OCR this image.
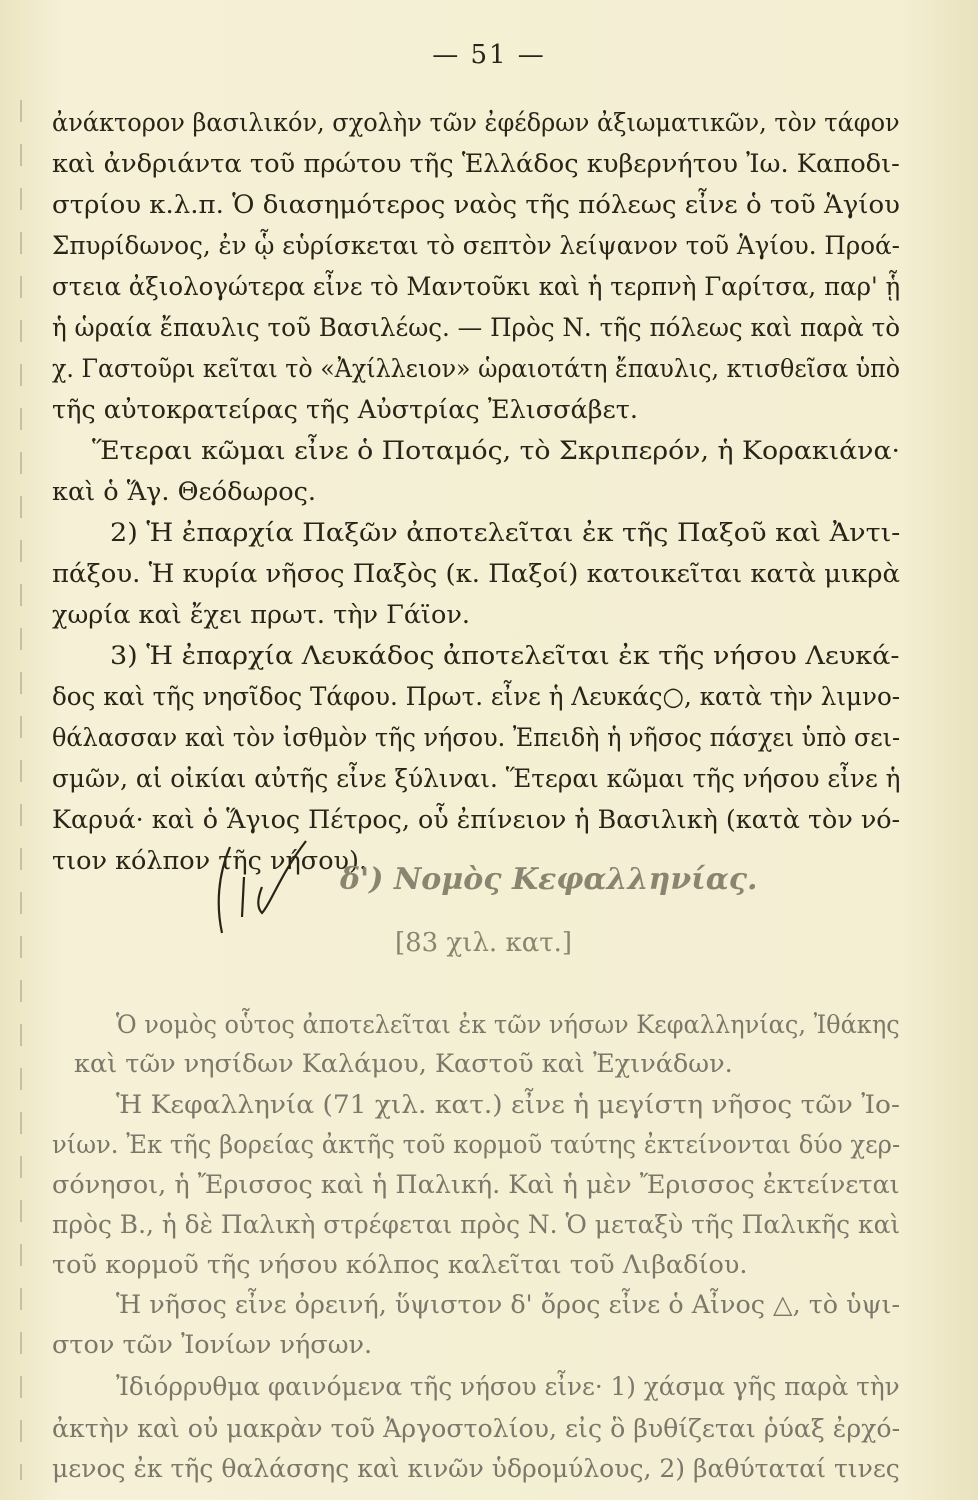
— 51 —
ἀνάκτορον βασιλικόν, σχολὴν τῶν ἐφέδρων ἀξιωματικῶν, τὸν τάφον
καὶ ἀνδριάντα τοῦ πρώτου τῆς Ἑλλάδος κυβερνήτου Ἰω. Καποδι-
στρίου κ.λ.π. Ὁ διασημότερος ναὸς τῆς πόλεως εἶνε ὁ τοῦ Ἁγίου
Σπυρίδωνος, ἐν ᾧ εὑρίσκεται τὸ σεπτὸν λείψανον τοῦ Ἁγίου. Προά-
στεια ἀξιολογώτερα εἶνε τὸ Μαντοῦκι καὶ ἡ τερπνὴ Γαρίτσα, παρ' ᾗ
ἡ ὡραία ἔπαυλις τοῦ Βασιλέως. — Πρὸς Ν. τῆς πόλεως καὶ παρὰ τὸ
χ. Γαστοῦρι κεῖται τὸ «Ἀχίλλειον» ὡραιοτάτη ἔπαυλις, κτισθεῖσα ὑπὸ
τῆς αὐτοκρατείρας τῆς Αὐστρίας Ἐλισσάβετ.
Ἕτεραι κῶμαι εἶνε ὁ Ποταμός, τὸ Σκριπερόν, ἡ Κορακιάνα·
καὶ ὁ Ἅγ. Θεόδωρος.
2) Ἡ ἐπαρχία Παξῶν ἀποτελεῖται ἐκ τῆς Παξοῦ καὶ Ἀντι-
πάξου. Ἡ κυρία νῆσος Παξὸς (κ. Παξοί) κατοικεῖται κατὰ μικρὰ
χωρία καὶ ἔχει πρωτ. τὴν Γάϊον.
3) Ἡ ἐπαρχία Λευκάδος ἀποτελεῖται ἐκ τῆς νήσου Λευκά-
δος καὶ τῆς νησῖδος Τάφου. Πρωτ. εἶνε ἡ Λευκάς○, κατὰ τὴν λιμνο-
θάλασσαν καὶ τὸν ἰσθμὸν τῆς νήσου. Ἐπειδὴ ἡ νῆσος πάσχει ὑπὸ σει-
σμῶν, αἱ οἰκίαι αὐτῆς εἶνε ξύλιναι. Ἕτεραι κῶμαι τῆς νήσου εἶνε ἡ
Καρυά· καὶ ὁ Ἅγιος Πέτρος, οὗ ἐπίνειον ἡ Βασιλικὴ (κατὰ τὸν νό-
τιον κόλπον τῆς νήσου).
δ') Νομὸς Κεφαλληνίας.
[83 χιλ. κατ.]
Ὁ νομὸς οὗτος ἀποτελεῖται ἐκ τῶν νήσων Κεφαλληνίας, Ἰθάκης
καὶ τῶν νησίδων Καλάμου, Καστοῦ καὶ Ἐχινάδων.
Ἡ Κεφαλληνία (71 χιλ. κατ.) εἶνε ἡ μεγίστη νῆσος τῶν Ἰο-
νίων. Ἐκ τῆς βορείας ἀκτῆς τοῦ κορμοῦ ταύτης ἐκτείνονται δύο χερ-
σόνησοι, ἡ Ἔρισσος καὶ ἡ Παλική. Καὶ ἡ μὲν Ἔρισσος ἐκτείνεται
πρὸς Β., ἡ δὲ Παλικὴ στρέφεται πρὸς Ν. Ὁ μεταξὺ τῆς Παλικῆς καὶ
τοῦ κορμοῦ τῆς νήσου κόλπος καλεῖται τοῦ Λιβαδίου.
Ἡ νῆσος εἶνε ὀρεινή, ὕψιστον δ' ὄρος εἶνε ὁ Αἶνος △, τὸ ὑψι-
στον τῶν Ἰονίων νήσων.
Ἰδιόρρυθμα φαινόμενα τῆς νήσου εἶνε· 1) χάσμα γῆς παρὰ τὴν
ἀκτὴν καὶ οὐ μακρὰν τοῦ Ἀργοστολίου, εἰς ὃ βυθίζεται ῥύαξ ἐρχό-
μενος ἐκ τῆς θαλάσσης καὶ κινῶν ὑδρομύλους, 2) βαθύταταί τινες
